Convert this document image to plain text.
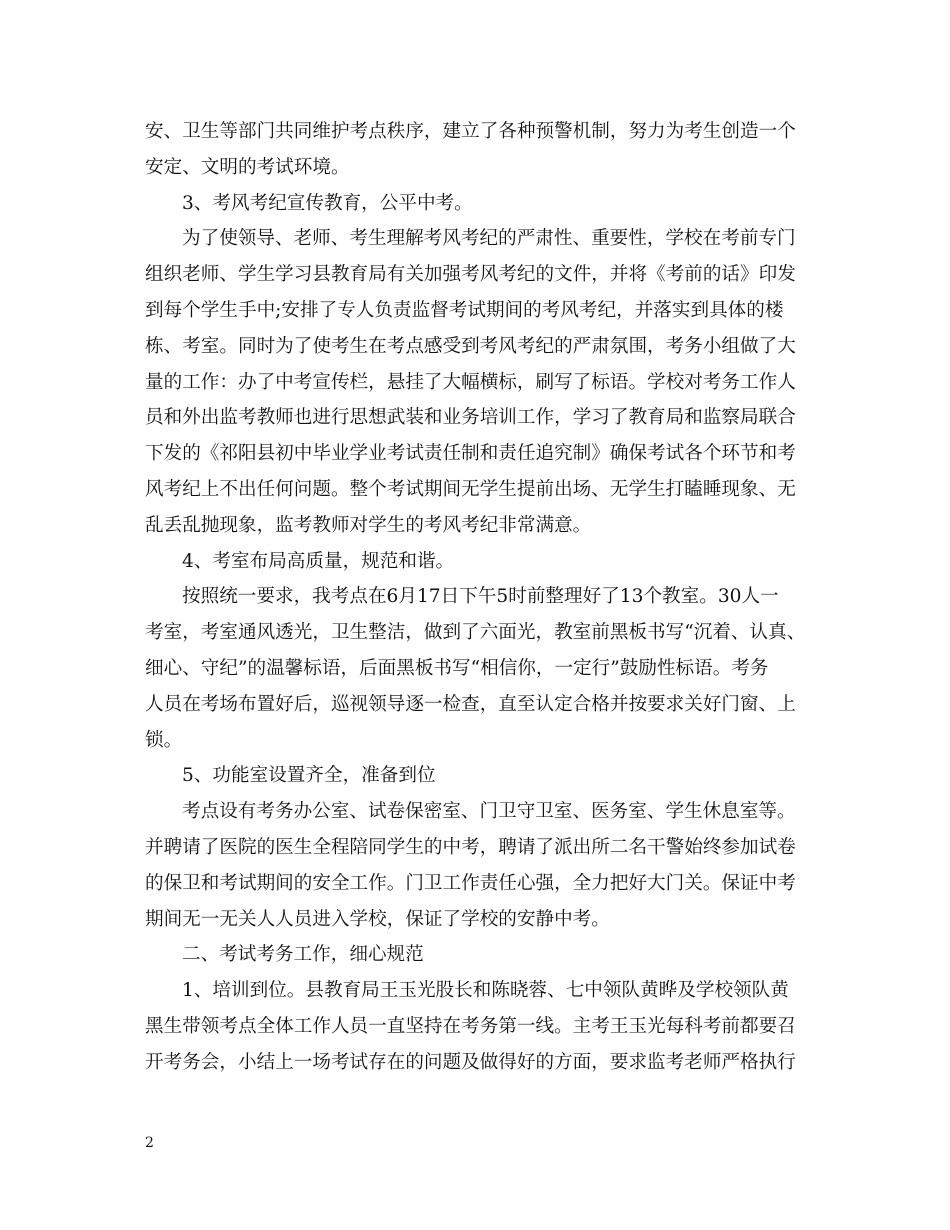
安、卫生等部门共同维护考点秩序，建立了各种预警机制，努力为考生创造一个
安定、文明的考试环境。
3、考风考纪宣传教育，公平中考。
为了使领导、老师、考生理解考风考纪的严肃性、重要性，学校在考前专门
组织老师、学生学习县教育局有关加强考风考纪的文件，并将《考前的话》印发
到每个学生手中;安排了专人负责监督考试期间的考风考纪，并落实到具体的楼
栋、考室。同时为了使考生在考点感受到考风考纪的严肃氛围，考务小组做了大
量的工作：办了中考宣传栏，悬挂了大幅横标，刷写了标语。学校对考务工作人
员和外出监考教师也进行思想武装和业务培训工作，学习了教育局和监察局联合
下发的《祁阳县初中毕业学业考试责任制和责任追究制》确保考试各个环节和考
风考纪上不出任何问题。整个考试期间无学生提前出场、无学生打瞌睡现象、无
乱丢乱抛现象，监考教师对学生的考风考纪非常满意。
4、考室布局高质量，规范和谐。
按照统一要求，我考点在6月17日下午5时前整理好了13个教室。30人一
考室，考室通风透光，卫生整洁，做到了六面光，教室前黑板书写“沉着、认真、
细心、守纪”的温馨标语，后面黑板书写“相信你，一定行”鼓励性标语。考务
人员在考场布置好后，巡视领导逐一检查，直至认定合格并按要求关好门窗、上
锁。
5、功能室设置齐全，准备到位
考点设有考务办公室、试卷保密室、门卫守卫室、医务室、学生休息室等。
并聘请了医院的医生全程陪同学生的中考，聘请了派出所二名干警始终参加试卷
的保卫和考试期间的安全工作。门卫工作责任心强，全力把好大门关。保证中考
期间无一无关人人员进入学校，保证了学校的安静中考。
二、考试考务工作，细心规范
1、培训到位。县教育局王玉光股长和陈晓蓉、七中领队黄晔及学校领队黄
黑生带领考点全体工作人员一直坚持在考务第一线。主考王玉光每科考前都要召
开考务会，小结上一场考试存在的问题及做得好的方面，要求监考老师严格执行
2
